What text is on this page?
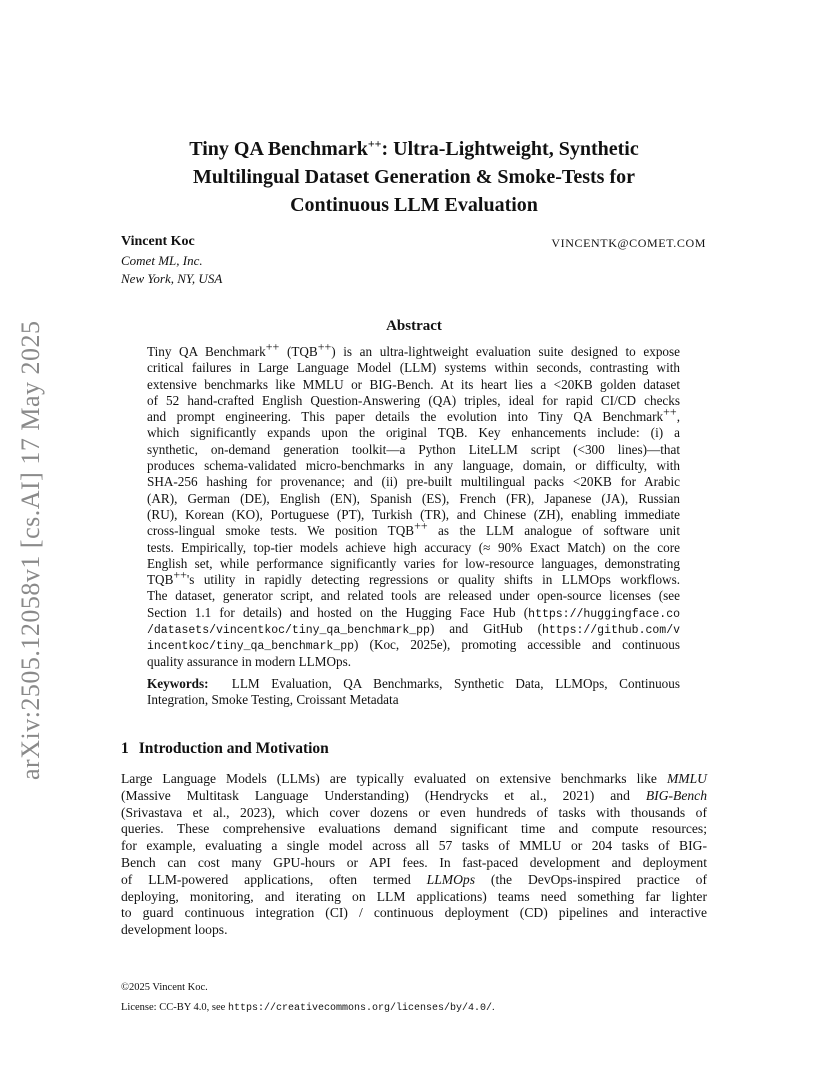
arXiv:2505.12058v1 [cs.AI] 17 May 2025
Tiny QA Benchmark++: Ultra-Lightweight, Synthetic
Multilingual Dataset Generation & Smoke-Tests for
Continuous LLM Evaluation
Vincent Koc	VINCENTK@COMET.COM
Comet ML, Inc.
New York, NY, USA
Abstract
Tiny QA Benchmark++ (TQB++) is an ultra-lightweight evaluation suite designed to expose
critical failures in Large Language Model (LLM) systems within seconds, contrasting with
extensive benchmarks like MMLU or BIG-Bench. At its heart lies a <20KB golden dataset
of 52 hand-crafted English Question-Answering (QA) triples, ideal for rapid CI/CD checks
and prompt engineering. This paper details the evolution into Tiny QA Benchmark++,
which significantly expands upon the original TQB. Key enhancements include: (i) a
synthetic, on-demand generation toolkit—a Python LiteLLM script (<300 lines)—that
produces schema-validated micro-benchmarks in any language, domain, or difficulty, with
SHA-256 hashing for provenance; and (ii) pre-built multilingual packs <20KB for Arabic
(AR), German (DE), English (EN), Spanish (ES), French (FR), Japanese (JA), Russian
(RU), Korean (KO), Portuguese (PT), Turkish (TR), and Chinese (ZH), enabling immediate
cross-lingual smoke tests. We position TQB++ as the LLM analogue of software unit
tests. Empirically, top-tier models achieve high accuracy (≈ 90% Exact Match) on the core
English set, while performance significantly varies for low-resource languages, demonstrating
TQB++'s utility in rapidly detecting regressions or quality shifts in LLMOps workflows.
The dataset, generator script, and related tools are released under open-source licenses (see
Section 1.1 for details) and hosted on the Hugging Face Hub (https://huggingface.co
/datasets/vincentkoc/tiny_qa_benchmark_pp) and GitHub (https://github.com/v
incentkoc/tiny_qa_benchmark_pp) (Koc, 2025e), promoting accessible and continuous
quality assurance in modern LLMOps.
Keywords: LLM Evaluation, QA Benchmarks, Synthetic Data, LLMOps, Continuous
Integration, Smoke Testing, Croissant Metadata
1 Introduction and Motivation
Large Language Models (LLMs) are typically evaluated on extensive benchmarks like MMLU
(Massive Multitask Language Understanding) (Hendrycks et al., 2021) and BIG-Bench
(Srivastava et al., 2023), which cover dozens or even hundreds of tasks with thousands of
queries. These comprehensive evaluations demand significant time and compute resources;
for example, evaluating a single model across all 57 tasks of MMLU or 204 tasks of BIG-
Bench can cost many GPU-hours or API fees. In fast-paced development and deployment
of LLM-powered applications, often termed LLMOps (the DevOps-inspired practice of
deploying, monitoring, and iterating on LLM applications) teams need something far lighter
to guard continuous integration (CI) / continuous deployment (CD) pipelines and interactive
development loops.
©2025 Vincent Koc.
License: CC-BY 4.0, see https://creativecommons.org/licenses/by/4.0/.
